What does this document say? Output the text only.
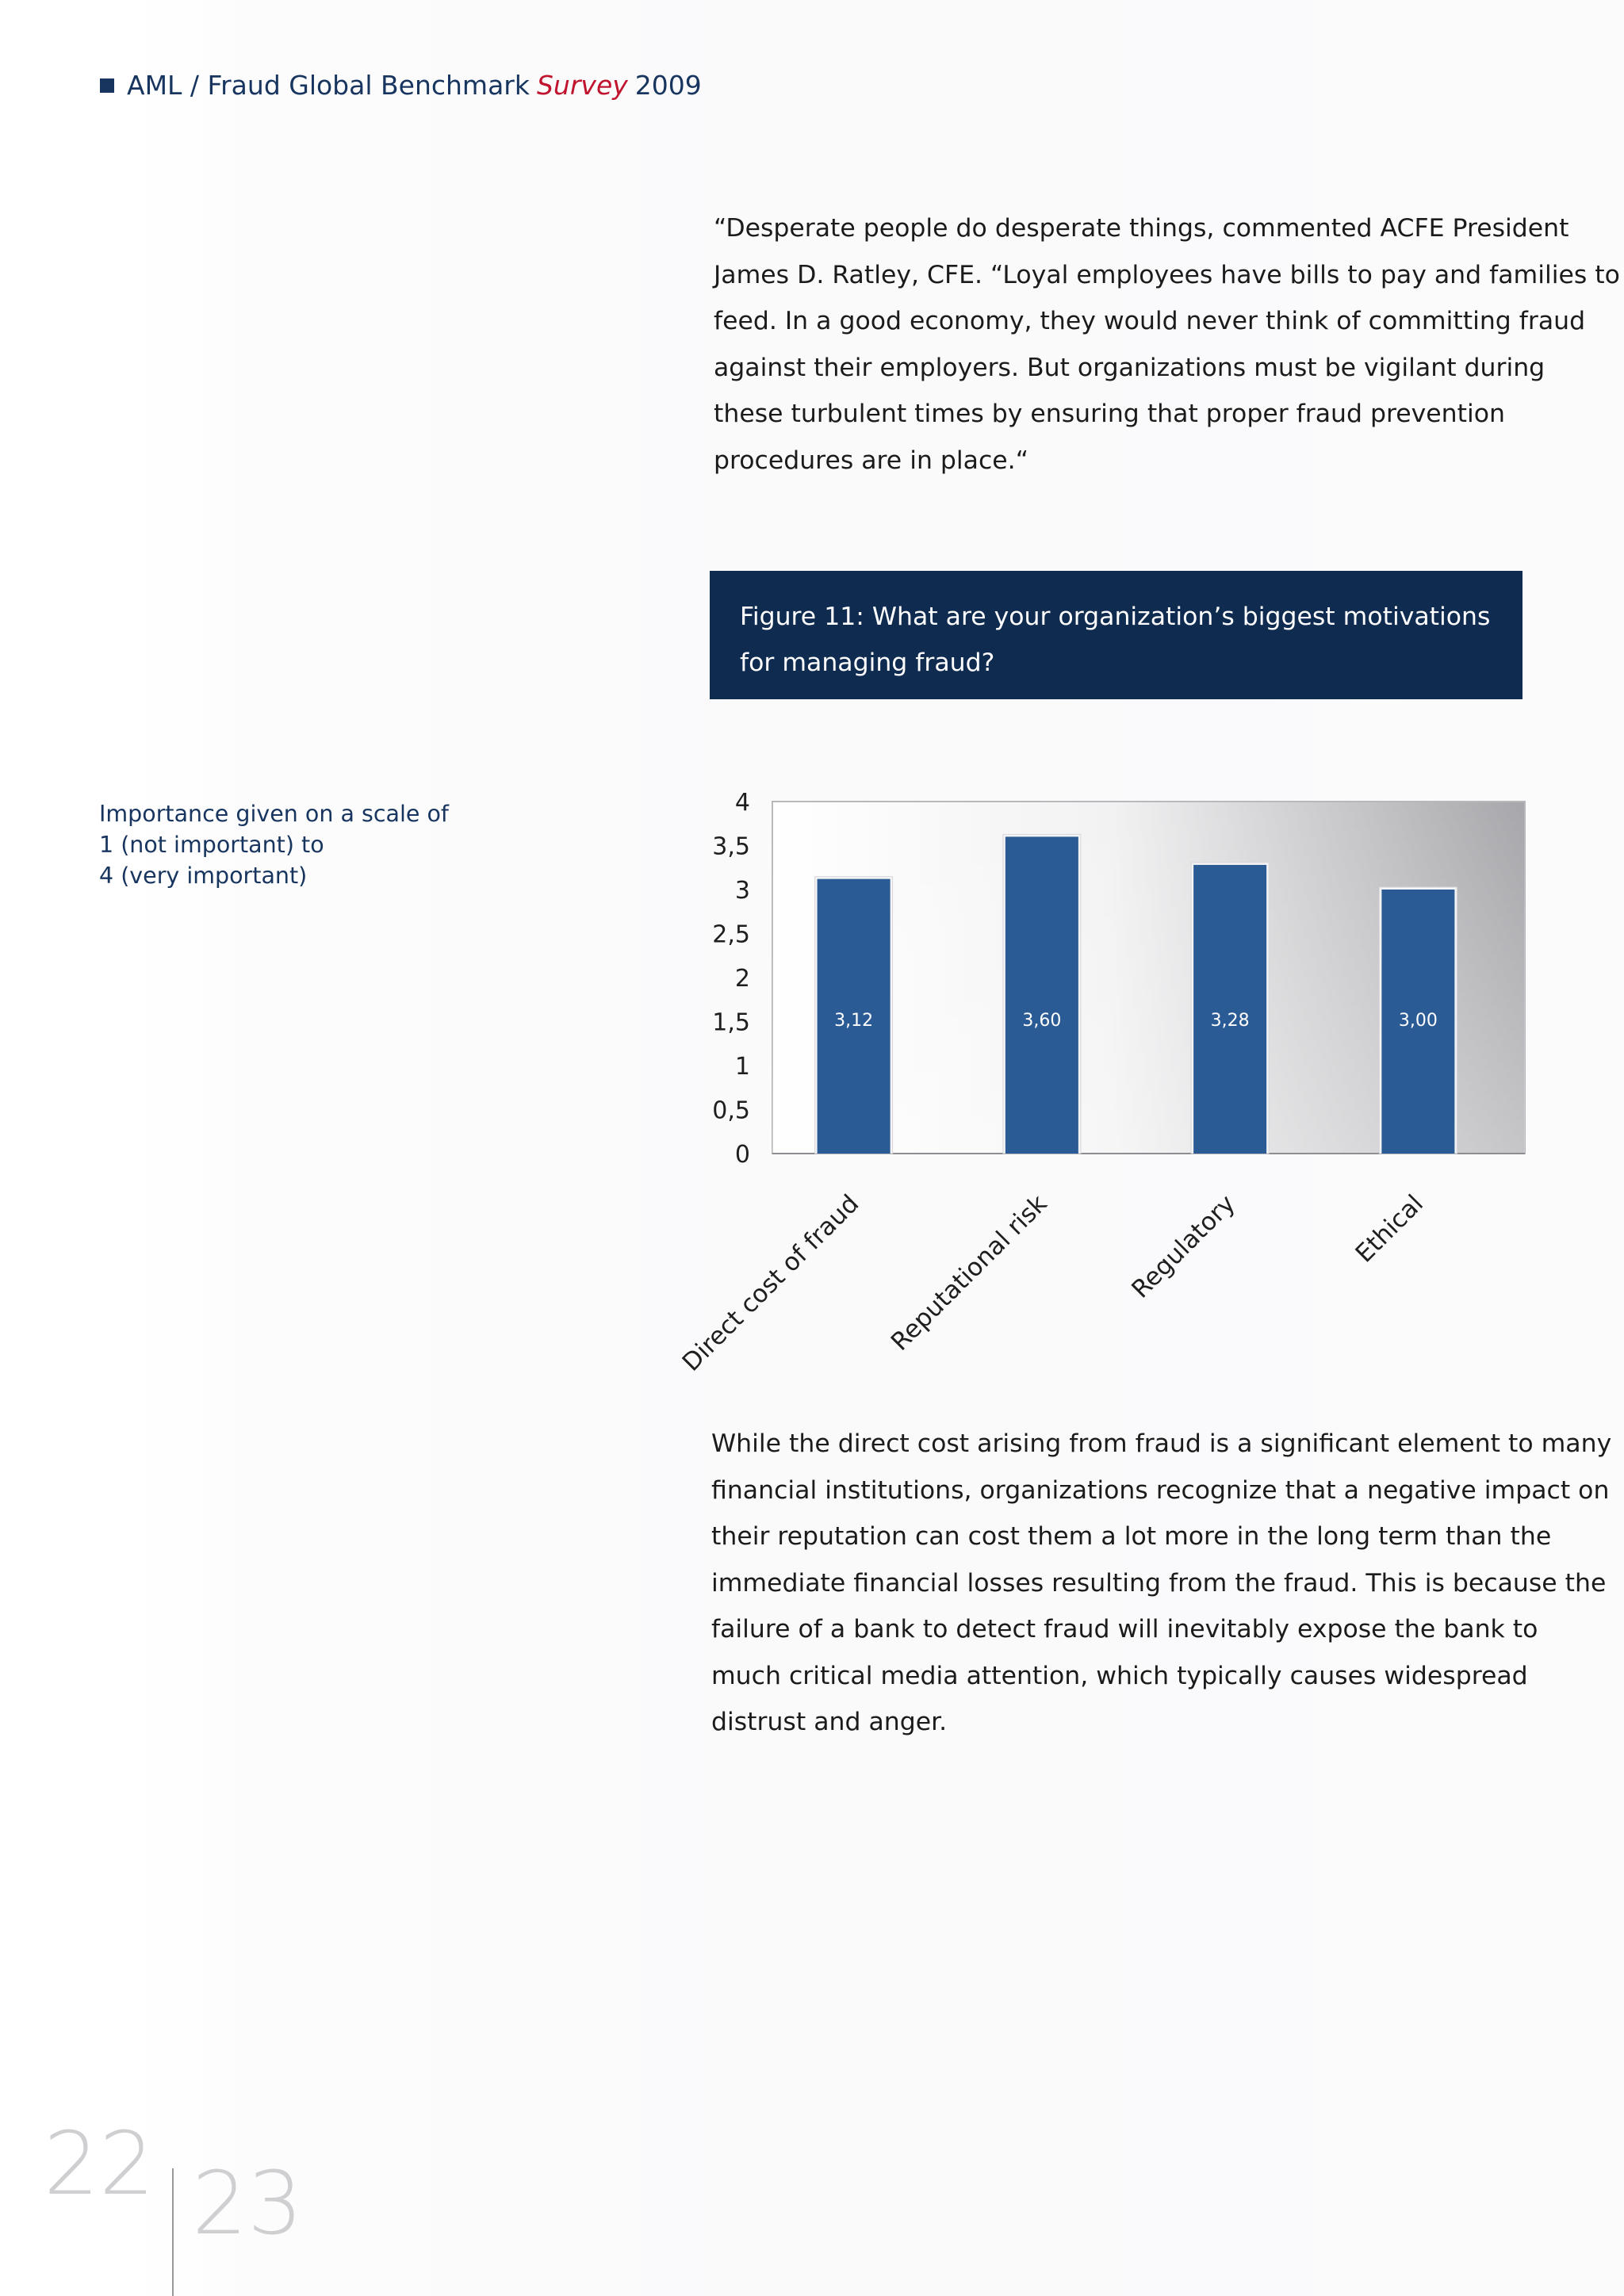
AML / Fraud Global Benchmark Survey 2009
“Desperate people do desperate things, commented ACFE President
James D. Ratley, CFE. “Loyal employees have bills to pay and families to
feed. In a good economy, they would never think of committing fraud
against their employers. But organizations must be vigilant during
these turbulent times by ensuring that proper fraud prevention
procedures are in place.“
Figure 11: What are your organization’s biggest motivations for managing fraud?
Importance given on a scale of
1 (not important) to
4 (very important)
0
0,5
1
1,5
2
2,5
3
3,5
4
3,12
Direct cost of fraud
3,60
Reputational risk
3,28
Regulatory
3,00
Ethical
While the direct cost arising from fraud is a significant element to many
financial institutions, organizations recognize that a negative impact on
their reputation can cost them a lot more in the long term than the
immediate financial losses resulting from the fraud. This is because the
failure of a bank to detect fraud will inevitably expose the bank to
much critical media attention, which typically causes widespread
distrust and anger.
22 23
